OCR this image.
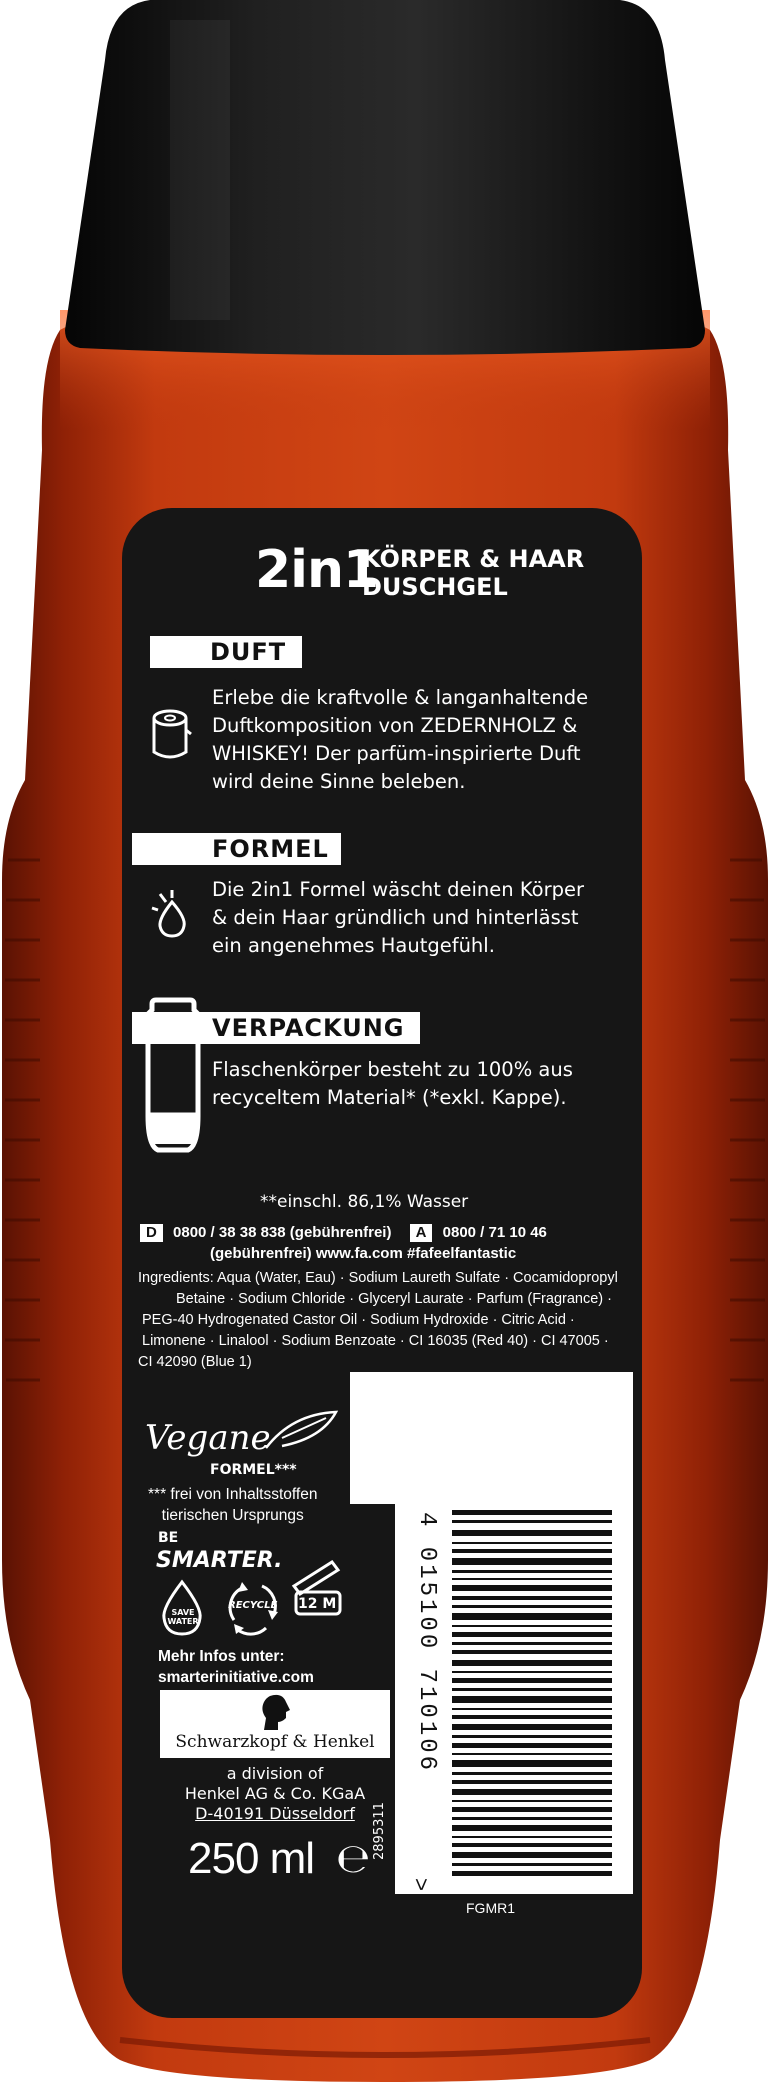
2in1
KÖRPER & HAAR
DUSCHGEL
DUFT
Erlebe die kraftvolle & langanhaltende
Duftkomposition von ZEDERNHOLZ &
WHISKEY! Der parfüm-inspirierte Duft
wird deine Sinne beleben.
FORMEL
Die 2in1 Formel wäscht deinen Körper
& dein Haar gründlich und hinterlässt
ein angenehmes Hautgefühl.
VERPACKUNG
Flaschenkörper besteht zu 100% aus
recyceltem Material* (*exkl. Kappe).
**einschl. 86,1% Wasser
D 0800 / 38 38 838 (gebührenfrei) A 0800 / 71 10 46
(gebührenfrei) www.fa.com #fafeelfantastic
Ingredients: Aqua (Water, Eau) · Sodium Laureth Sulfate · Cocamidopropyl
Betaine · Sodium Chloride · Glyceryl Laurate · Parfum (Fragrance) ·
PEG-40 Hydrogenated Castor Oil · Sodium Hydroxide · Citric Acid ·
Limonene · Linalool · Sodium Benzoate · CI 16035 (Red 40) · CI 47005 ·
CI 42090 (Blue 1)
Vegane
FORMEL***
*** frei von Inhaltsstoffen
tierischen Ursprungs
BE
SMARTER.
SAVE WATER
RECYCLE 12 M
Mehr Infos unter:
smarterinitiative.com
Schwarzkopf & Henkel
a division of
Henkel AG & Co. KGaA
D-40191 Düsseldorf
250 ml ℮ 2895311
4 015100 710106
>
FGMR1
